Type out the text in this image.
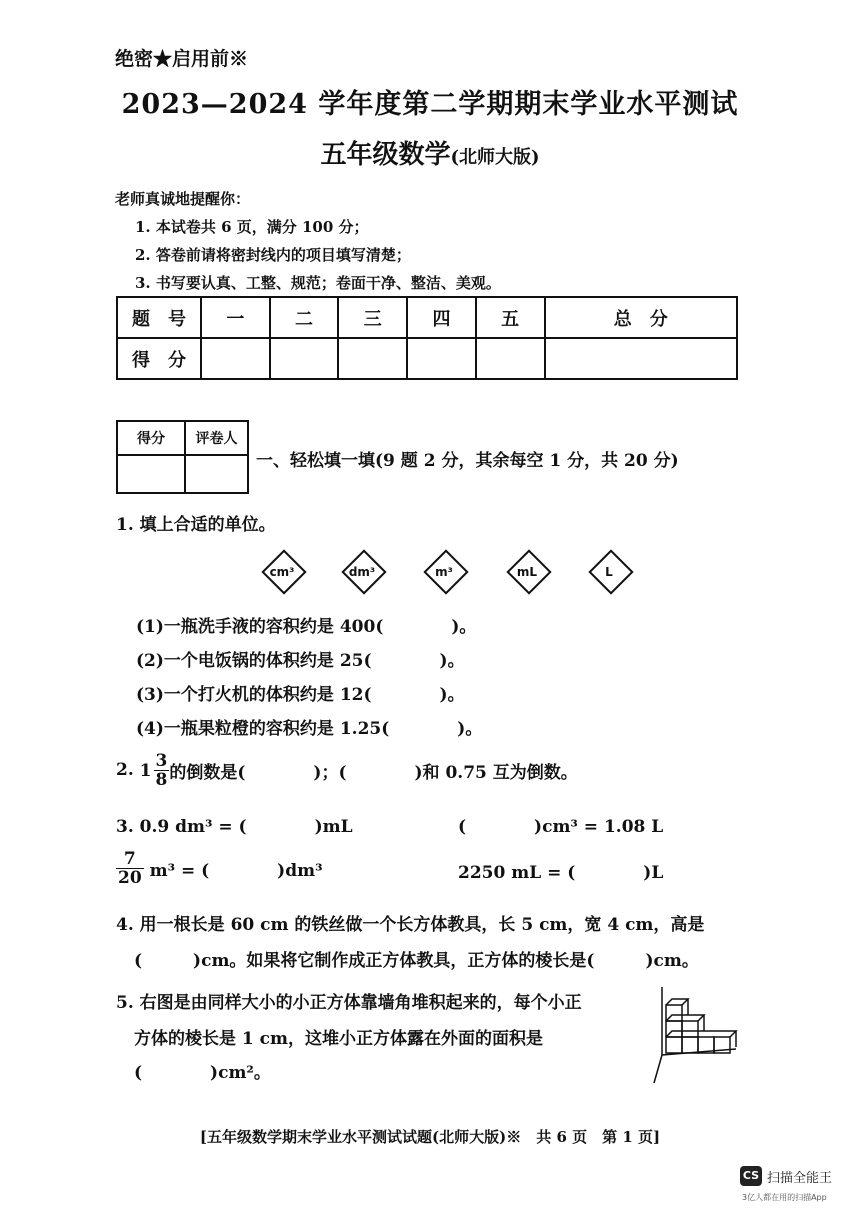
绝密★启用前※
2023—2024 学年度第二学期期末学业水平测试
五年级数学(北师大版)
老师真诚地提醒你：
1. 本试卷共 6 页，满分 100 分；
2. 答卷前请将密封线内的项目填写清楚；
3. 书写要认真、工整、规范；卷面干净、整洁、美观。
题　号	一	二	三	四	五	总　分
得　分						
得分	评卷人

一、轻松填一填(9 题 2 分，其余每空 1 分，共 20 分)
1. 填上合适的单位。
cm³	dm³	m³	mL	L
(1)一瓶洗手液的容积约是 400(　　　　)。
(2)一个电饭锅的体积约是 25(　　　　)。
(3)一个打火机的体积约是 12(　　　　)。
(4)一瓶果粒橙的容积约是 1.25(　　　　)。
2. $1 \frac{3}{8}$ 的倒数是(　　　　)；(　　　　)和 0.75 互为倒数。
3. 0.9 dm³ = (　　　　)mL	(　　　　)cm³ = 1.08 L
$\frac{7}{20} m^3$ = (　　　　)dm³	2250 mL = (　　　　)L
4. 用一根长是 60 cm 的铁丝做一个长方体教具，长 5 cm，宽 4 cm，高是
(　　　)cm。如果将它制作成正方体教具，正方体的棱长是(　　　)cm。
5. 右图是由同样大小的小正方体靠墙角堆积起来的，每个小正
方体的棱长是 1 cm，这堆小正方体露在外面的面积是
(　　　　)cm²。
[五年级数学期末学业水平测试试题(北师大版)※　共 6 页　第 1 页]
CS 扫描全能王
3亿人都在用的扫描App
